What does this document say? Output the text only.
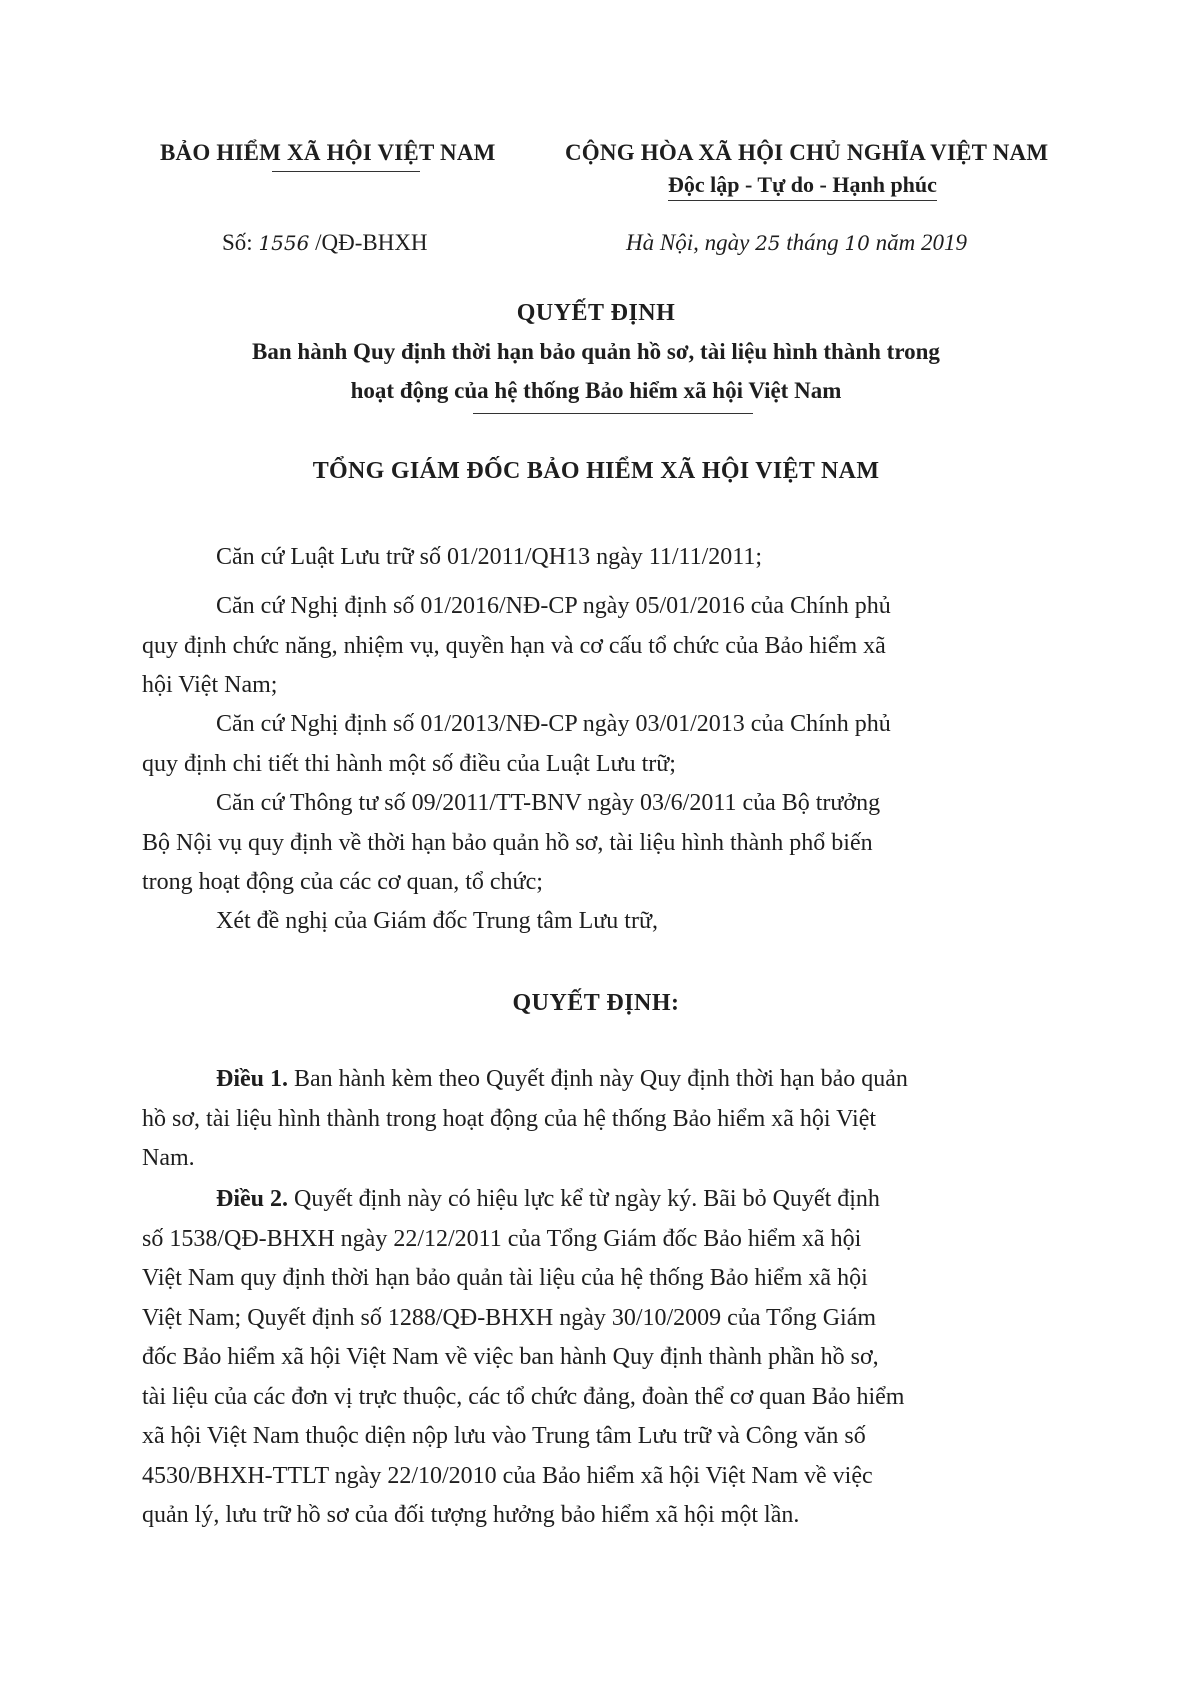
BẢO HIỂM XÃ HỘI VIỆT NAM	CỘNG HÒA XÃ HỘI CHỦ NGHĨA VIỆT NAM
Độc lập - Tự do - Hạnh phúc
Số: 1556 /QĐ-BHXH	Hà Nội, ngày 25 tháng 10 năm 2019
QUYẾT ĐỊNH
Ban hành Quy định thời hạn bảo quản hồ sơ, tài liệu hình thành trong
hoạt động của hệ thống Bảo hiểm xã hội Việt Nam
TỔNG GIÁM ĐỐC BẢO HIỂM XÃ HỘI VIỆT NAM
Căn cứ Luật Lưu trữ số 01/2011/QH13 ngày 11/11/2011;
Căn cứ Nghị định số 01/2016/NĐ-CP ngày 05/01/2016 của Chính phủ
quy định chức năng, nhiệm vụ, quyền hạn và cơ cấu tổ chức của Bảo hiểm xã
hội Việt Nam;
Căn cứ Nghị định số 01/2013/NĐ-CP ngày 03/01/2013 của Chính phủ
quy định chi tiết thi hành một số điều của Luật Lưu trữ;
Căn cứ Thông tư số 09/2011/TT-BNV ngày 03/6/2011 của Bộ trưởng
Bộ Nội vụ quy định về thời hạn bảo quản hồ sơ, tài liệu hình thành phổ biến
trong hoạt động của các cơ quan, tổ chức;
Xét đề nghị của Giám đốc Trung tâm Lưu trữ,
QUYẾT ĐỊNH:
Điều 1. Ban hành kèm theo Quyết định này Quy định thời hạn bảo quản
hồ sơ, tài liệu hình thành trong hoạt động của hệ thống Bảo hiểm xã hội Việt
Nam.
Điều 2. Quyết định này có hiệu lực kể từ ngày ký. Bãi bỏ Quyết định
số 1538/QĐ-BHXH ngày 22/12/2011 của Tổng Giám đốc Bảo hiểm xã hội
Việt Nam quy định thời hạn bảo quản tài liệu của hệ thống Bảo hiểm xã hội
Việt Nam; Quyết định số 1288/QĐ-BHXH ngày 30/10/2009 của Tổng Giám
đốc Bảo hiểm xã hội Việt Nam về việc ban hành Quy định thành phần hồ sơ,
tài liệu của các đơn vị trực thuộc, các tổ chức đảng, đoàn thể cơ quan Bảo hiểm
xã hội Việt Nam thuộc diện nộp lưu vào Trung tâm Lưu trữ và Công văn số
4530/BHXH-TTLT ngày 22/10/2010 của Bảo hiểm xã hội Việt Nam về việc
quản lý, lưu trữ hồ sơ của đối tượng hưởng bảo hiểm xã hội một lần.
